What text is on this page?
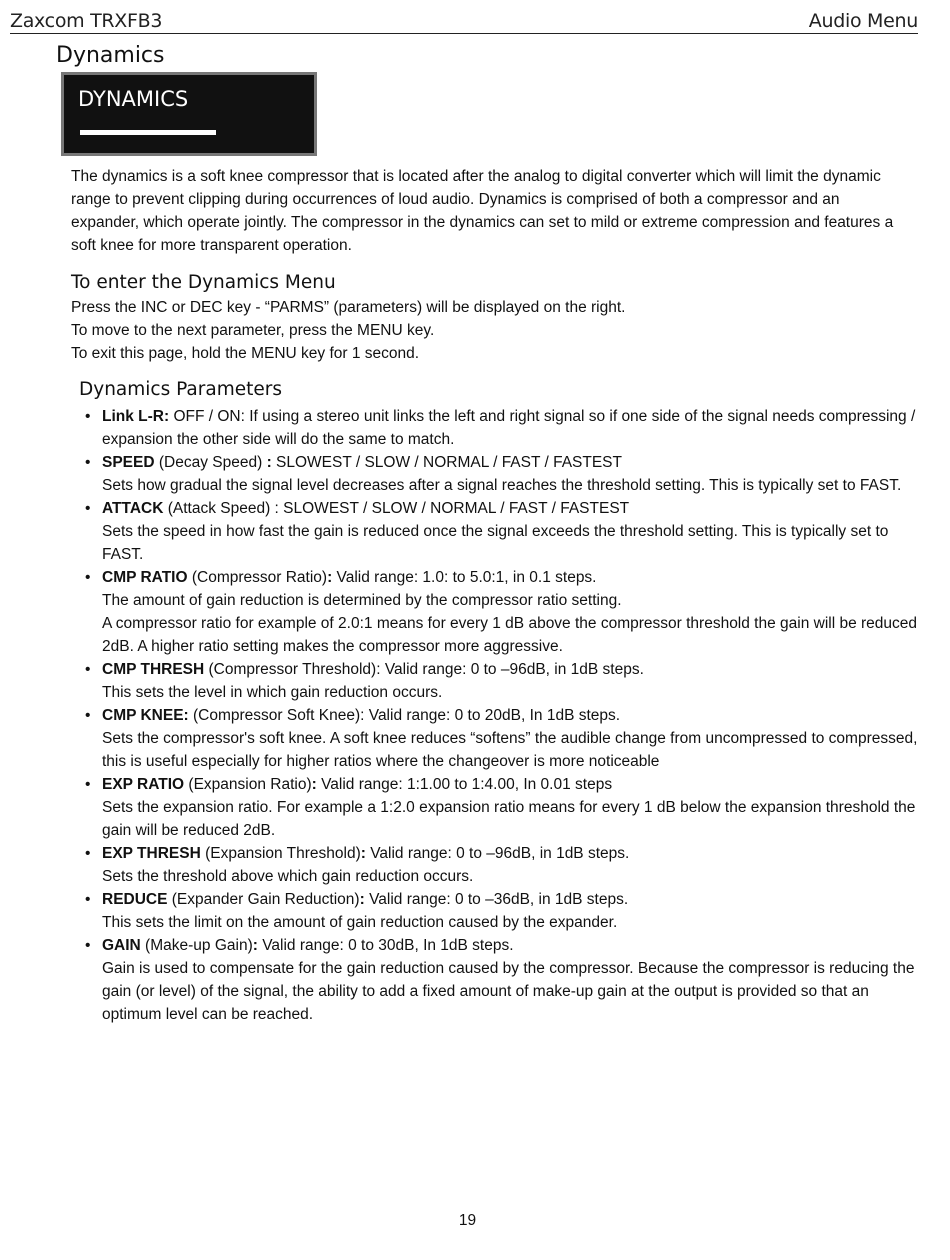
Zaxcom TRXFB3	Audio Menu
Dynamics
DYNAMICS
The dynamics is a soft knee compressor that is located after the analog to digital converter which will limit the dynamic range to prevent clipping during occurrences of loud audio. Dynamics is comprised of both a compressor and an expander, which operate jointly. The compressor in the dynamics can set to mild or extreme compression and features a soft knee for more transparent operation.
To enter the Dynamics Menu
Press the INC or DEC key - “PARMS” (parameters) will be displayed on the right.
To move to the next parameter, press the MENU key.
To exit this page, hold the MENU key for 1 second.
Dynamics Parameters
• Link L-R: OFF / ON: If using a stereo unit links the left and right signal so if one side of the signal needs compressing / expansion the other side will do the same to match.
• SPEED (Decay Speed) : SLOWEST / SLOW / NORMAL / FAST / FASTEST
Sets how gradual the signal level decreases after a signal reaches the threshold setting. This is typically set to FAST.
• ATTACK (Attack Speed) : SLOWEST / SLOW / NORMAL / FAST / FASTEST
Sets the speed in how fast the gain is reduced once the signal exceeds the threshold setting. This is typically set to FAST.
• CMP RATIO (Compressor Ratio): Valid range: 1.0: to 5.0:1, in 0.1 steps.
The amount of gain reduction is determined by the compressor ratio setting.
A compressor ratio for example of 2.0:1 means for every 1 dB above the compressor threshold the gain will be reduced 2dB. A higher ratio setting makes the compressor more aggressive.
• CMP THRESH (Compressor Threshold): Valid range: 0 to –96dB, in 1dB steps.
This sets the level in which gain reduction occurs.
• CMP KNEE: (Compressor Soft Knee): Valid range: 0 to 20dB, In 1dB steps.
Sets the compressor's soft knee. A soft knee reduces “softens” the audible change from uncompressed to compressed, this is useful especially for higher ratios where the changeover is more noticeable
• EXP RATIO (Expansion Ratio): Valid range: 1:1.00 to 1:4.00, In 0.01 steps
Sets the expansion ratio. For example a 1:2.0 expansion ratio means for every 1 dB below the expansion threshold the gain will be reduced 2dB.
• EXP THRESH (Expansion Threshold): Valid range: 0 to –96dB, in 1dB steps.
Sets the threshold above which gain reduction occurs.
• REDUCE (Expander Gain Reduction): Valid range: 0 to –36dB, in 1dB steps.
This sets the limit on the amount of gain reduction caused by the expander.
• GAIN (Make-up Gain): Valid range: 0 to 30dB, In 1dB steps.
Gain is used to compensate for the gain reduction caused by the compressor. Because the compressor is reducing the gain (or level) of the signal, the ability to add a fixed amount of make-up gain at the output is provided so that an optimum level can be reached.
19
